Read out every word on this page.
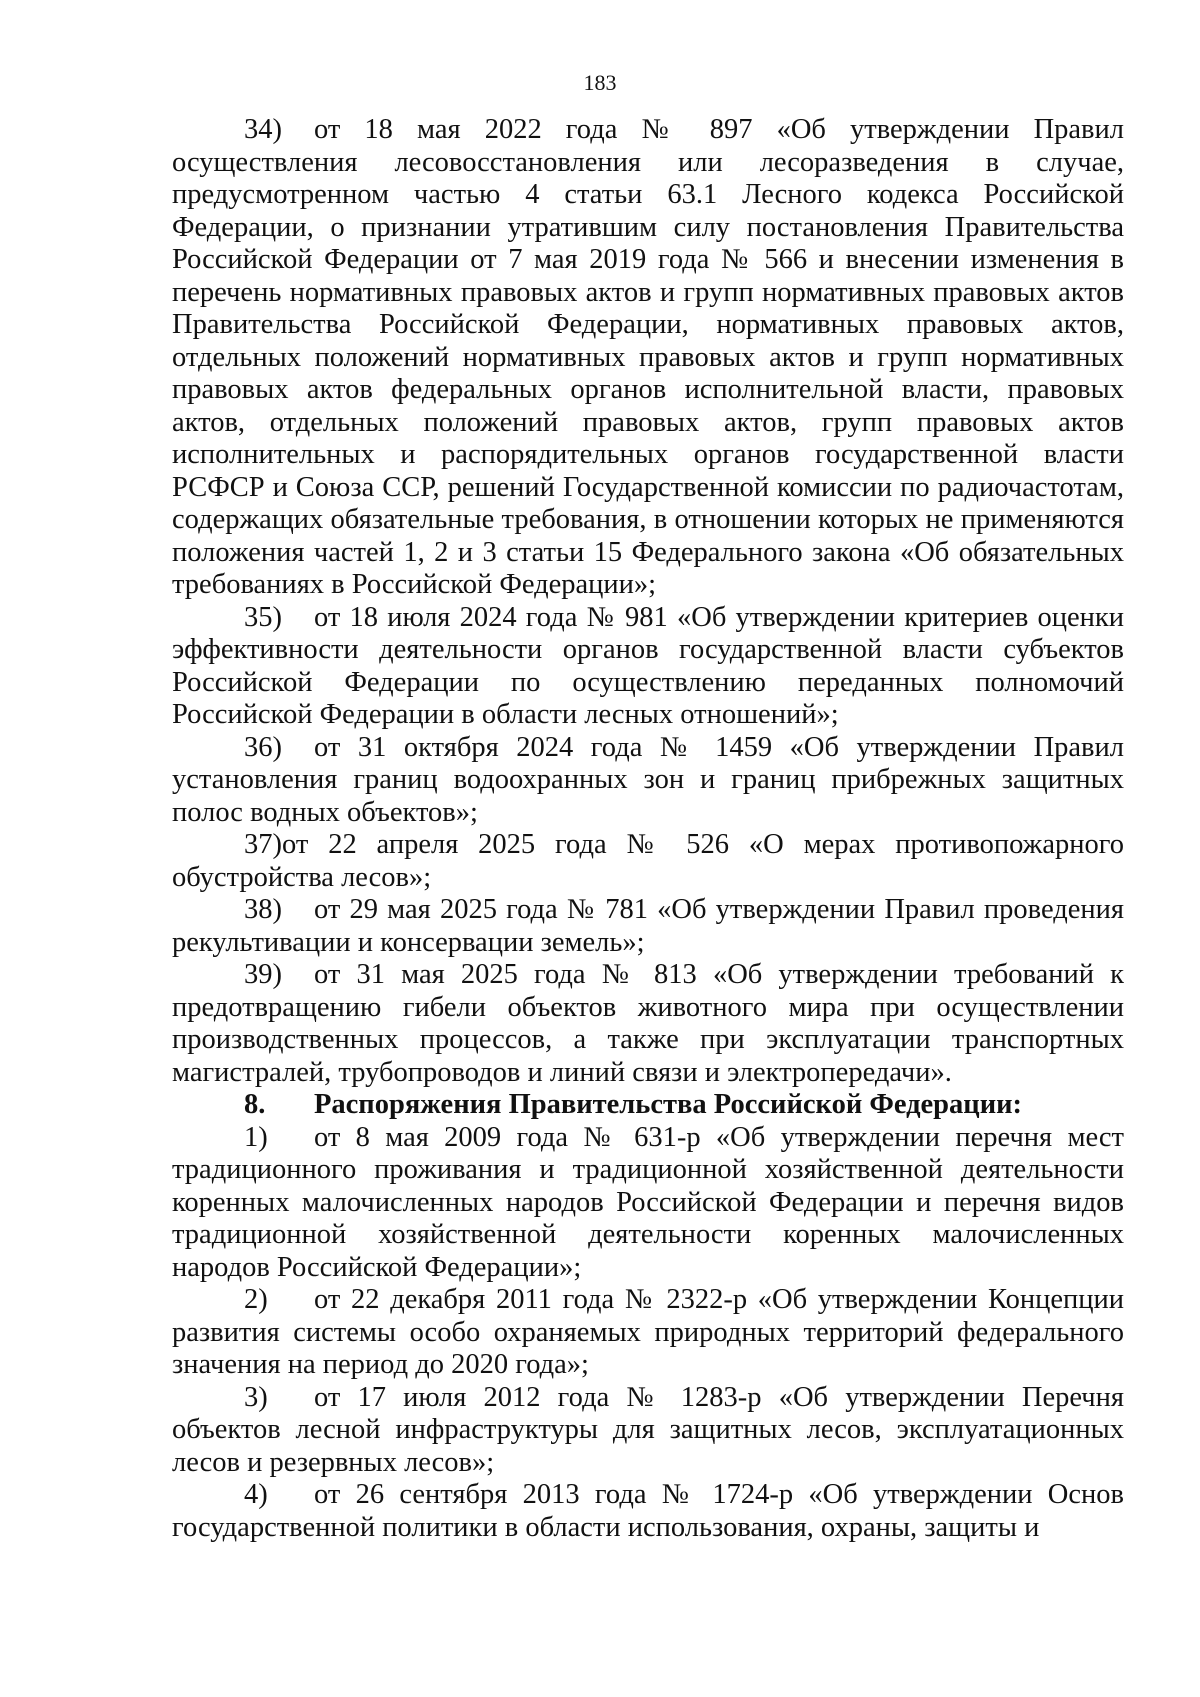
183

34) от 18 мая 2022 года № 897 «Об утверждении Правил осуществления лесовосстановления или лесоразведения в случае, предусмотренном частью 4 статьи 63.1 Лесного кодекса Российской Федерации, о признании утратившим силу постановления Правительства Российской Федерации от 7 мая 2019 года № 566 и внесении изменения в перечень нормативных правовых актов и групп нормативных правовых актов Правительства Российской Федерации, нормативных правовых актов, отдельных положений нормативных правовых актов и групп нормативных правовых актов федеральных органов исполнительной власти, правовых актов, отдельных положений правовых актов, групп правовых актов исполнительных и распорядительных органов государственной власти РСФСР и Союза ССР, решений Государственной комиссии по радиочастотам, содержащих обязательные требования, в отношении которых не применяются положения частей 1, 2 и 3 статьи 15 Федерального закона «Об обязательных требованиях в Российской Федерации»;

35) от 18 июля 2024 года № 981 «Об утверждении критериев оценки эффективности деятельности органов государственной власти субъектов Российской Федерации по осуществлению переданных полномочий Российской Федерации в области лесных отношений»;

36) от 31 октября 2024 года № 1459 «Об утверждении Правил установления границ водоохранных зон и границ прибрежных защитных полос водных объектов»;

37)от 22 апреля 2025 года № 526 «О мерах противопожарного обустройства лесов»;

38) от 29 мая 2025 года № 781 «Об утверждении Правил проведения рекультивации и консервации земель»;

39) от 31 мая 2025 года № 813 «Об утверждении требований к предотвращению гибели объектов животного мира при осуществлении производственных процессов, а также при эксплуатации транспортных магистралей, трубопроводов и линий связи и электропередачи».

8. Распоряжения Правительства Российской Федерации:

1) от 8 мая 2009 года № 631-р «Об утверждении перечня мест традиционного проживания и традиционной хозяйственной деятельности коренных малочисленных народов Российской Федерации и перечня видов традиционной хозяйственной деятельности коренных малочисленных народов Российской Федерации»;

2) от 22 декабря 2011 года № 2322-р «Об утверждении Концепции развития системы особо охраняемых природных территорий федерального значения на период до 2020 года»;

3) от 17 июля 2012 года № 1283-р «Об утверждении Перечня объектов лесной инфраструктуры для защитных лесов, эксплуатационных лесов и резервных лесов»;

4) от 26 сентября 2013 года № 1724-р «Об утверждении Основ государственной политики в области использования, охраны, защиты и
